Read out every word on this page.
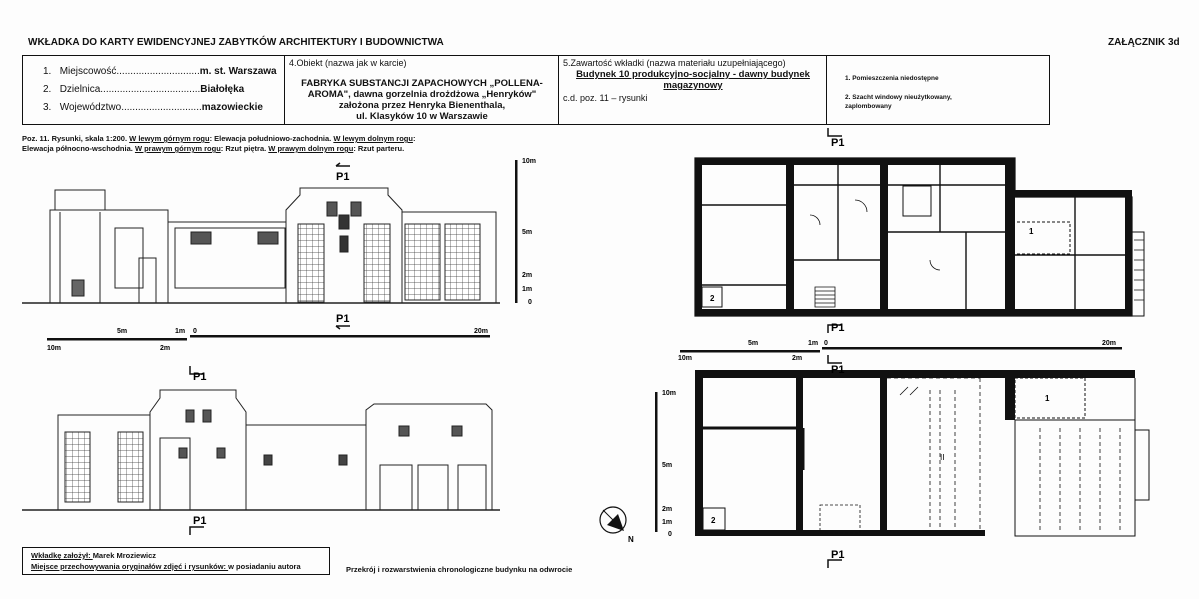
WKŁADKA DO KARTY EWIDENCYJNEJ ZABYTKÓW ARCHITEKTURY I BUDOWNICTWA	ZAŁĄCZNIK 3d
1. Miejscowość..............................m. st. Warszawa
2. Dzielnica....................................Białołęka
3. Województwo.............................mazowieckie
4.Obiekt (nazwa jak w karcie)
FABRYKA SUBSTANCJI ZAPACHOWYCH „POLLENA-
AROMA", dawna gorzelnia drożdżowa „Henryków"
założona przez Henryka Bienenthala,
ul. Klasyków 10 w Warszawie
5.Zawartość wkładki (nazwa materiału uzupełniającego)
Budynek 10 produkcyjno-socjalny - dawny budynek
magazynowy
c.d. poz. 11 – rysunki
1. Pomieszczenia niedostępne
2. Szacht windowy nieużytkowany,
zaplombowany
Poz. 11. Rysunki, skala 1:200. W lewym górnym rogu: Elewacja południowo-zachodnia. W lewym dolnym rogu:
Elewacja północno-wschodnia. W prawym górnym rogu: Rzut piętra. W prawym dolnym rogu: Rzut parteru.
P1
P1
10m
5m
2m
1m
0
5m	1m 0	20m
10m	2m
P1
P1
1
2
P1
P1
5m	1m 0	20m
10m	2m
1
2
II
P1
P1
10m
5m
2m
1m
0
N
Wkładkę założył: Marek Mroziewicz
Miejsce przechowywania oryginałów zdjęć i rysunków: w posiadaniu autora	Przekrój i rozwarstwienia chronologiczne budynku na odwrocie
